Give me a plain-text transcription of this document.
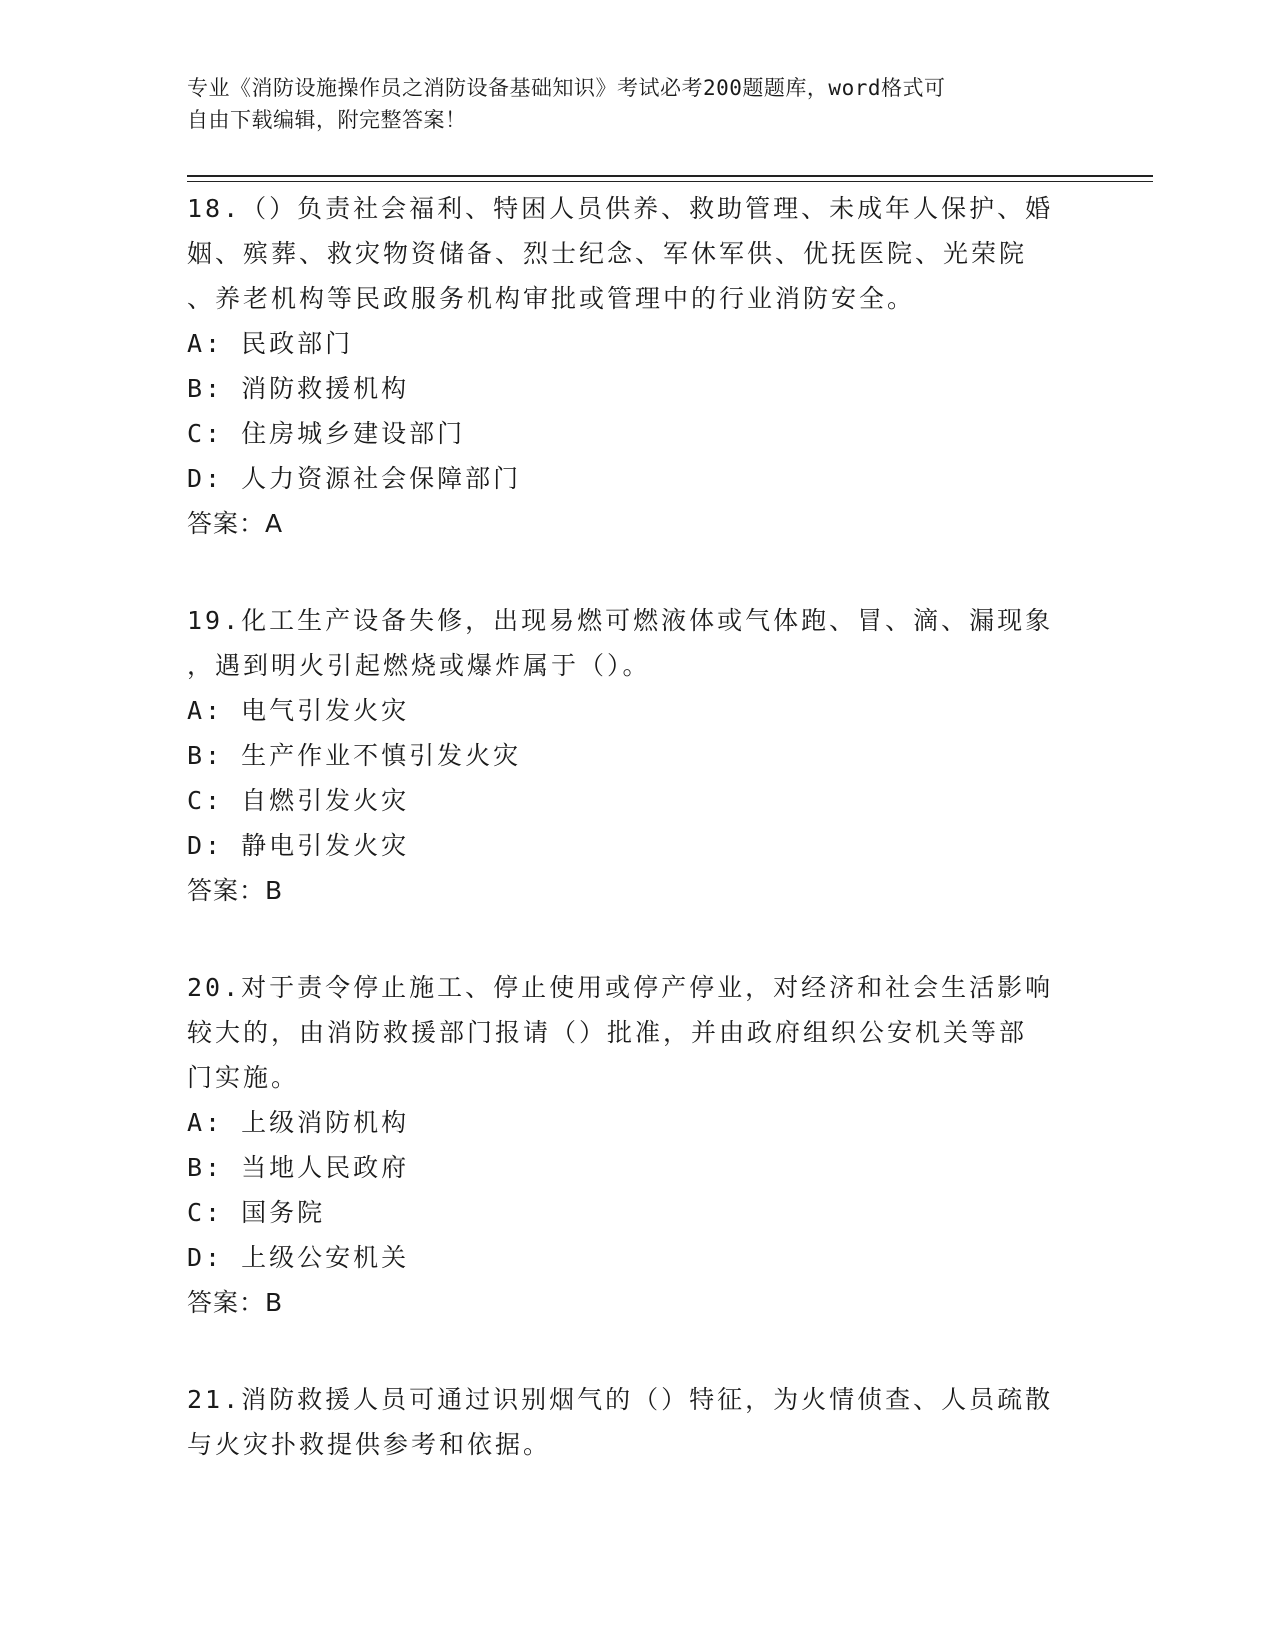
专业《消防设施操作员之消防设备基础知识》考试必考200题题库，word格式可
自由下载编辑，附完整答案！
18.（）负责社会福利、特困人员供养、救助管理、未成年人保护、婚
姻、殡葬、救灾物资储备、烈士纪念、军休军供、优抚医院、光荣院
、养老机构等民政服务机构审批或管理中的行业消防安全。
A: 民政部门
B: 消防救援机构
C: 住房城乡建设部门
D: 人力资源社会保障部门
答案：A
19.化工生产设备失修，出现易燃可燃液体或气体跑、冒、滴、漏现象
，遇到明火引起燃烧或爆炸属于（）。
A: 电气引发火灾
B: 生产作业不慎引发火灾
C: 自燃引发火灾
D: 静电引发火灾
答案：B
20.对于责令停止施工、停止使用或停产停业，对经济和社会生活影响
较大的，由消防救援部门报请（）批准，并由政府组织公安机关等部
门实施。
A: 上级消防机构
B: 当地人民政府
C: 国务院
D: 上级公安机关
答案：B
21.消防救援人员可通过识别烟气的（）特征，为火情侦查、人员疏散
与火灾扑救提供参考和依据。
